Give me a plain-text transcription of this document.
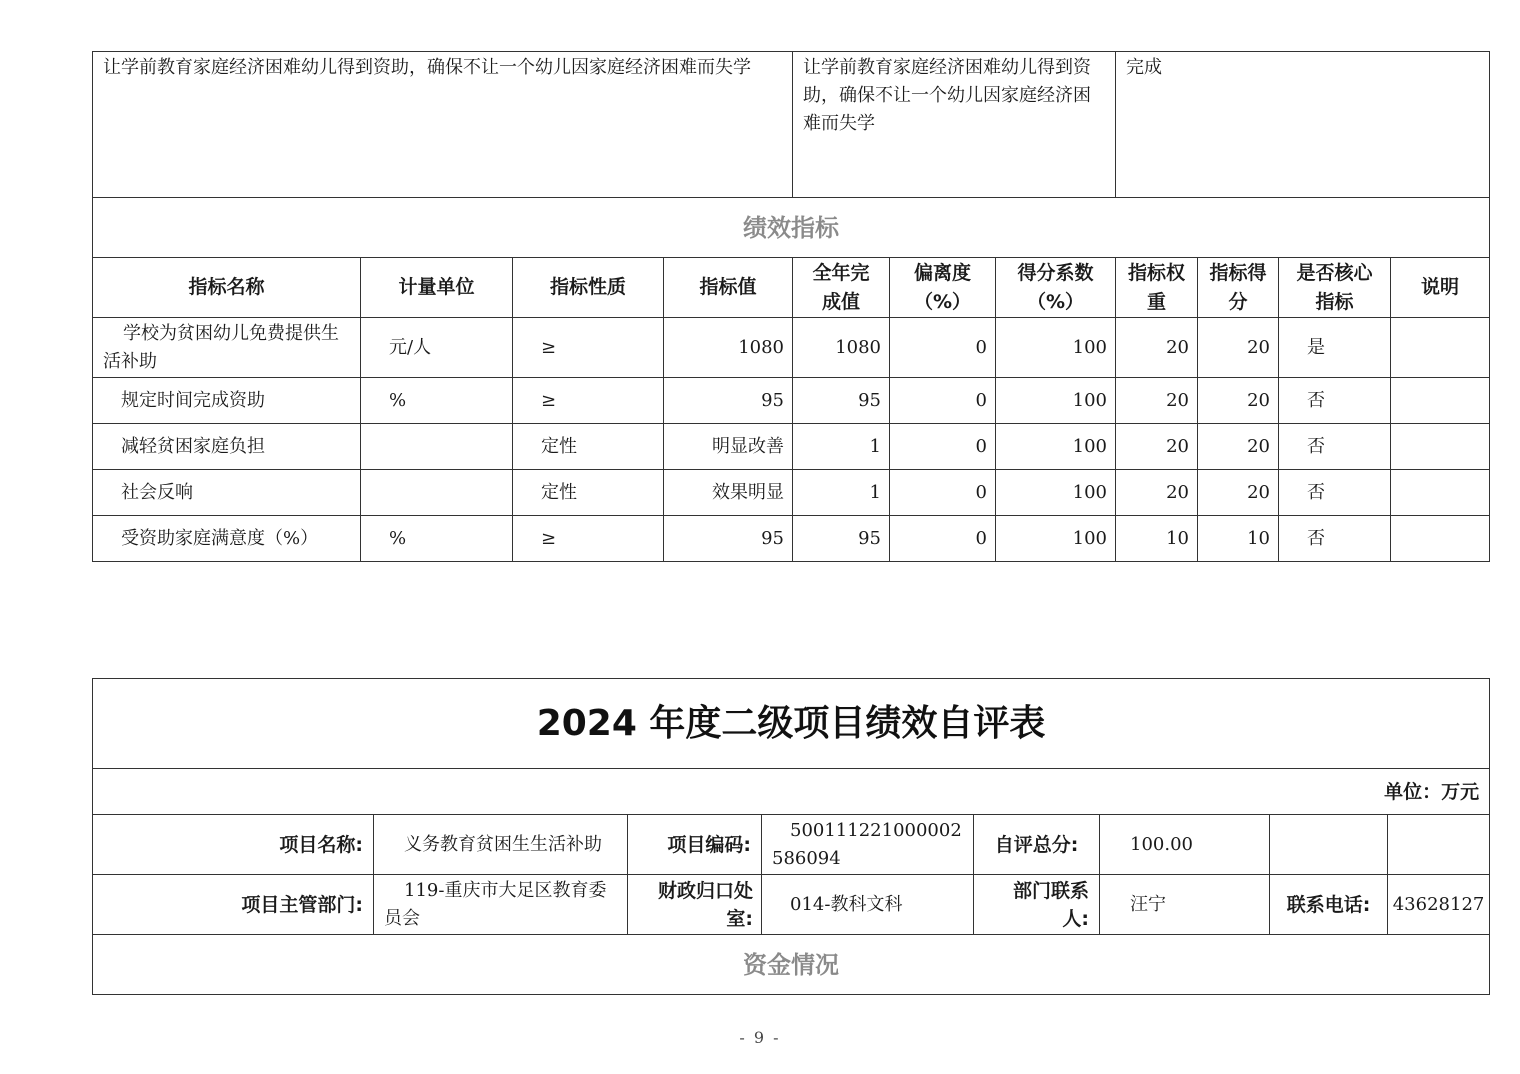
让学前教育家庭经济困难幼儿得到资助，确保不让一个幼儿因家庭经济困难而失学				让学前教育家庭经济困难幼儿得到资助，确保不让一个幼儿因家庭经济困难而失学			完成			
绩效指标										
指标名称	计量单位	指标性质	指标值	全年完成值	偏离度（%）	得分系数（%）	指标权重	指标得分	是否核心指标	说明
学校为贫困幼儿免费提供生活补助	元/人	≥	1080	1080	0	100	20	20	是	
规定时间完成资助	%	≥	95	95	0	100	20	20	否	
减轻贫困家庭负担		定性	明显改善	1	0	100	20	20	否	
社会反响		定性	效果明显	1	0	100	20	20	否	
受资助家庭满意度（%）	%	≥	95	95	0	100	10	10	否	
2024 年度二级项目绩效自评表							
单位：万元							
项目名称:	义务教育贫困生生活补助	项目编码:	500111221000002586094	自评总分:	100.00		
项目主管部门:	119-重庆市大足区教育委员会	财政归口处室:	014-教科文科	部门联系人:	汪宁	联系电话:	43628127
资金情况							
- 9 -
